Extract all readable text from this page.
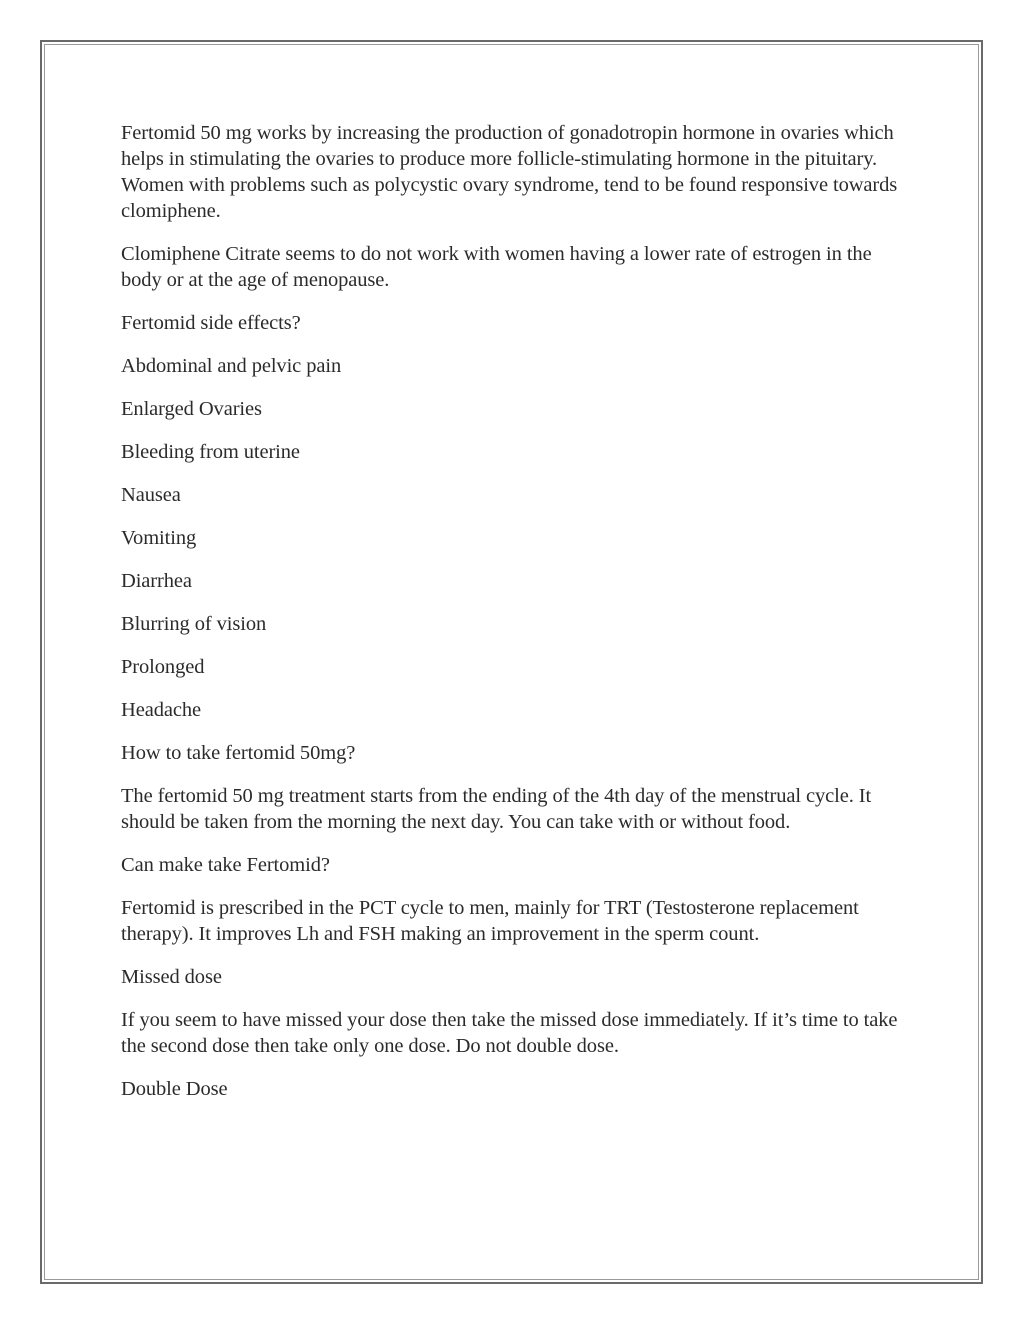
Fertomid 50 mg works by increasing the production of gonadotropin hormone in ovaries which helps in stimulating the ovaries to produce more follicle-stimulating hormone in the pituitary. Women with problems such as polycystic ovary syndrome, tend to be found responsive towards clomiphene.

Clomiphene Citrate seems to do not work with women having a lower rate of estrogen in the body or at the age of menopause.

Fertomid side effects?

Abdominal and pelvic pain

Enlarged Ovaries

Bleeding from uterine

Nausea

Vomiting

Diarrhea

Blurring of vision

Prolonged

Headache

How to take fertomid 50mg?

The fertomid 50 mg treatment starts from the ending of the 4th day of the menstrual cycle. It should be taken from the morning the next day. You can take with or without food.

Can make take Fertomid?

Fertomid is prescribed in the PCT cycle to men, mainly for TRT (Testosterone replacement therapy). It improves Lh and FSH making an improvement in the sperm count.

Missed dose

If you seem to have missed your dose then take the missed dose immediately. If it’s time to take the second dose then take only one dose. Do not double dose.

Double Dose
